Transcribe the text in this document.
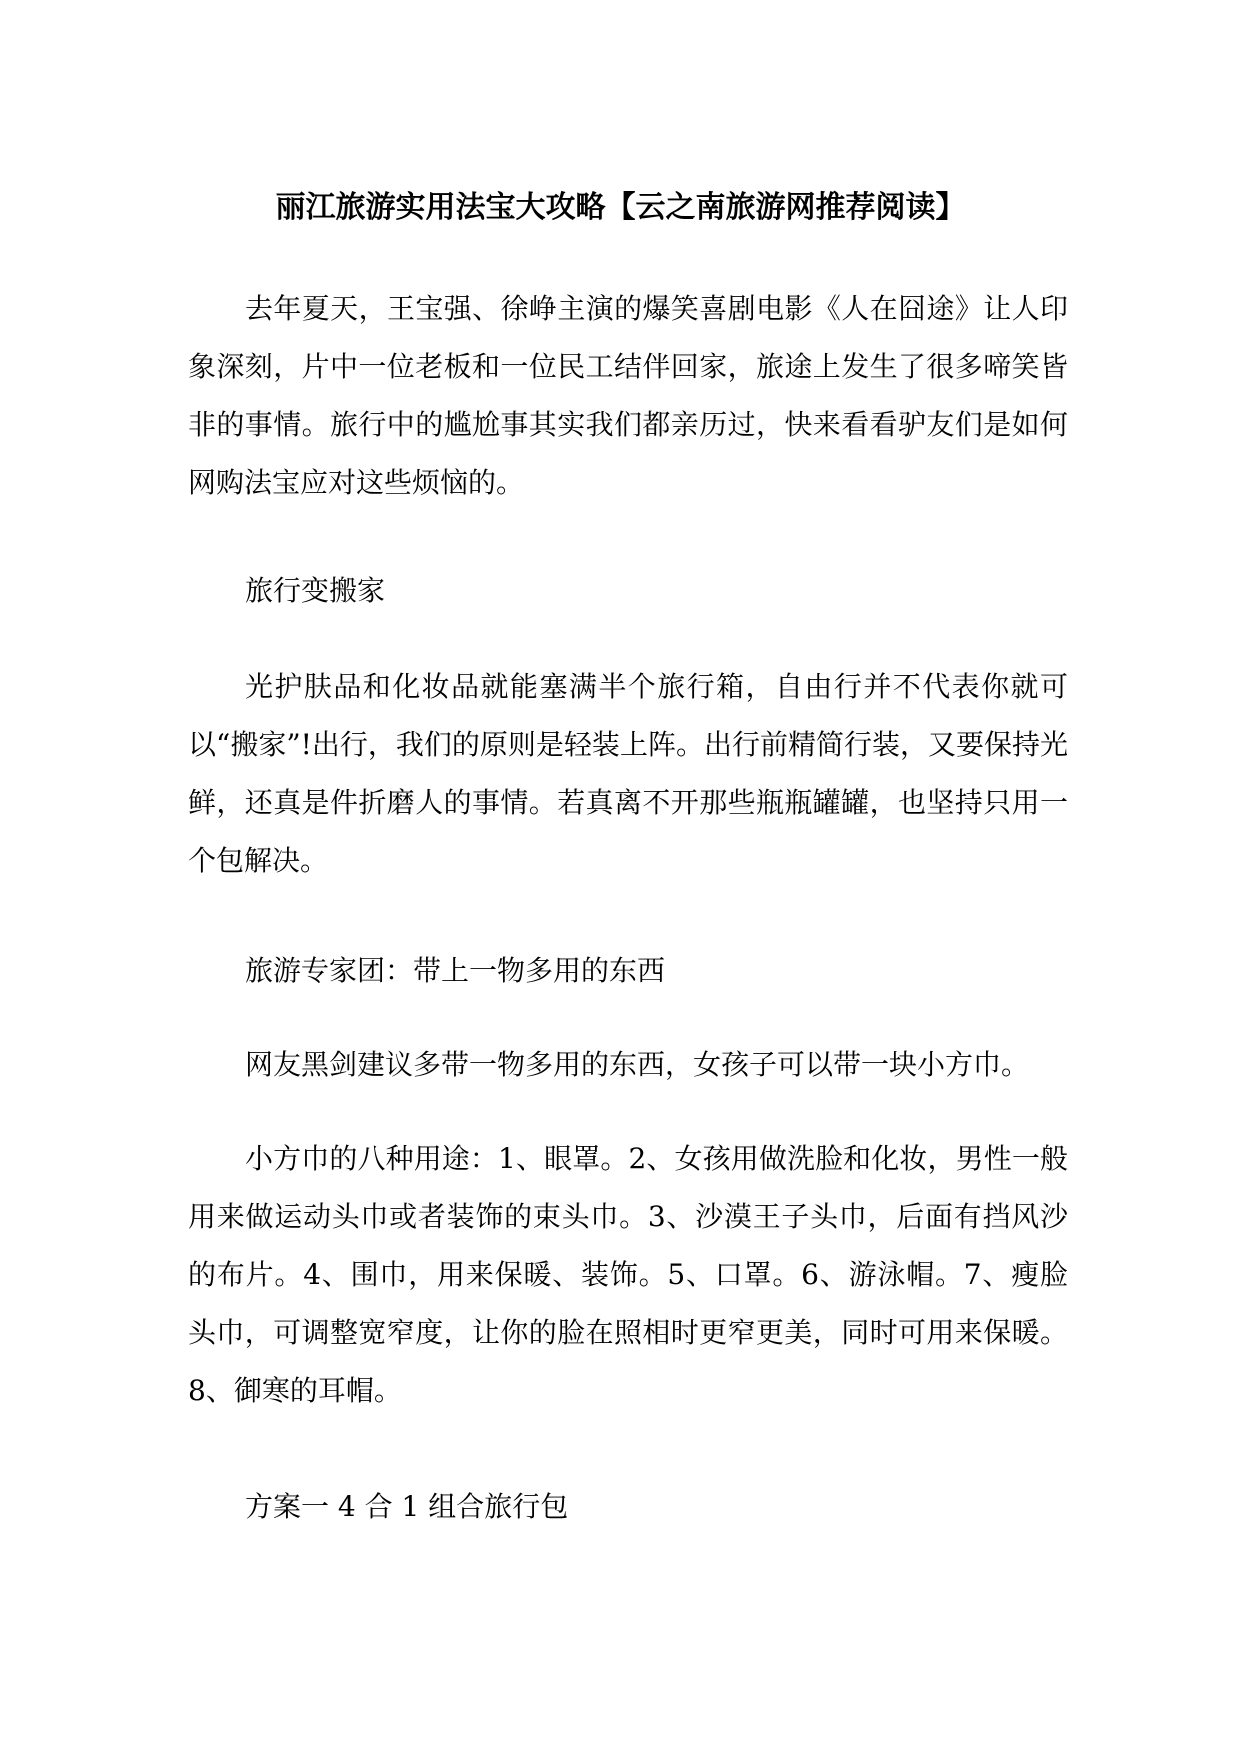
丽江旅游实用法宝大攻略【云之南旅游网推荐阅读】

去年夏天，王宝强、徐峥主演的爆笑喜剧电影《人在囧途》让人印象深刻，片中一位老板和一位民工结伴回家，旅途上发生了很多啼笑皆非的事情。旅行中的尴尬事其实我们都亲历过，快来看看驴友们是如何网购法宝应对这些烦恼的。

旅行变搬家

光护肤品和化妆品就能塞满半个旅行箱，自由行并不代表你就可以“搬家”!出行，我们的原则是轻装上阵。出行前精简行装，又要保持光鲜，还真是件折磨人的事情。若真离不开那些瓶瓶罐罐，也坚持只用一个包解决。

旅游专家团：带上一物多用的东西

网友黑剑建议多带一物多用的东西，女孩子可以带一块小方巾。

小方巾的八种用途：1、眼罩。2、女孩用做洗脸和化妆，男性一般用来做运动头巾或者装饰的束头巾。3、沙漠王子头巾，后面有挡风沙的布片。4、围巾，用来保暖、装饰。5、口罩。6、游泳帽。7、瘦脸头巾，可调整宽窄度，让你的脸在照相时更窄更美，同时可用来保暖。8、御寒的耳帽。

方案一 4 合 1 组合旅行包
